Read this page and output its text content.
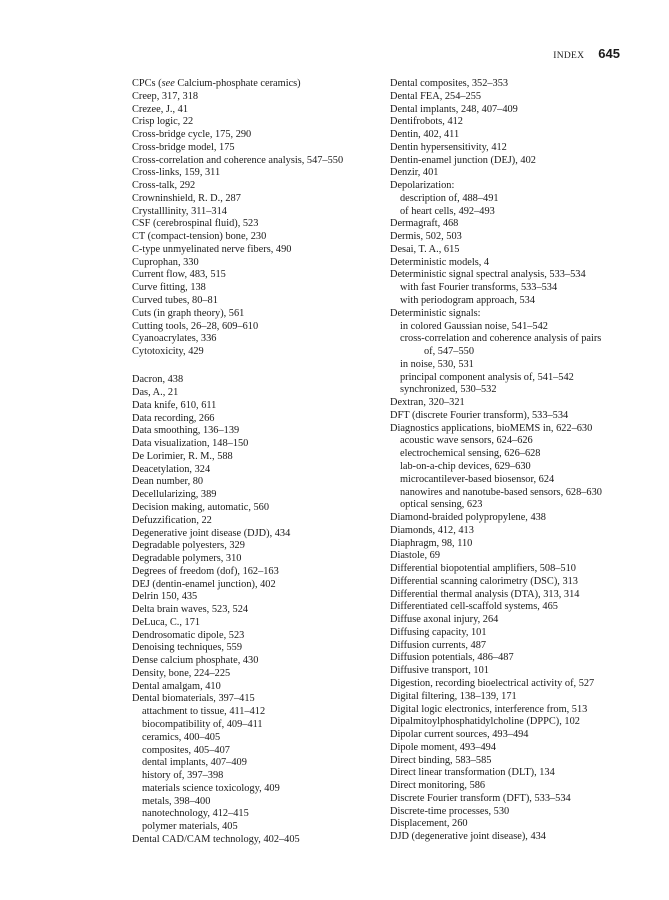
INDEX 645
CPCs (see Calcium-phosphate ceramics)
Creep, 317, 318
Crezee, J., 41
Crisp logic, 22
Cross-bridge cycle, 175, 290
Cross-bridge model, 175
Cross-correlation and coherence analysis, 547–550
Cross-links, 159, 311
Cross-talk, 292
Crowninshield, R. D., 287
Crystalllinity, 311–314
CSF (cerebrospinal fluid), 523
CT (compact-tension) bone, 230
C-type unmyelinated nerve fibers, 490
Cuprophan, 330
Current flow, 483, 515
Curve fitting, 138
Curved tubes, 80–81
Cuts (in graph theory), 561
Cutting tools, 26–28, 609–610
Cyanoacrylates, 336
Cytotoxicity, 429
Dacron, 438
Das, A., 21
Data knife, 610, 611
Data recording, 266
Data smoothing, 136–139
Data visualization, 148–150
De Lorimier, R. M., 588
Deacetylation, 324
Dean number, 80
Decellularizing, 389
Decision making, automatic, 560
Defuzzification, 22
Degenerative joint disease (DJD), 434
Degradable polyesters, 329
Degradable polymers, 310
Degrees of freedom (dof), 162–163
DEJ (dentin-enamel junction), 402
Delrin 150, 435
Delta brain waves, 523, 524
DeLuca, C., 171
Dendrosomatic dipole, 523
Denoising techniques, 559
Dense calcium phosphate, 430
Density, bone, 224–225
Dental amalgam, 410
Dental biomaterials, 397–415
attachment to tissue, 411–412
biocompatibility of, 409–411
ceramics, 400–405
composites, 405–407
dental implants, 407–409
history of, 397–398
materials science toxicology, 409
metals, 398–400
nanotechnology, 412–415
polymer materials, 405
Dental CAD/CAM technology, 402–405
Dental composites, 352–353
Dental FEA, 254–255
Dental implants, 248, 407–409
Dentifrobots, 412
Dentin, 402, 411
Dentin hypersensitivity, 412
Dentin-enamel junction (DEJ), 402
Denzir, 401
Depolarization:
description of, 488–491
of heart cells, 492–493
Dermagraft, 468
Dermis, 502, 503
Desai, T. A., 615
Deterministic models, 4
Deterministic signal spectral analysis, 533–534
with fast Fourier transforms, 533–534
with periodogram approach, 534
Deterministic signals:
in colored Gaussian noise, 541–542
cross-correlation and coherence analysis of pairs
of, 547–550
in noise, 530, 531
principal component analysis of, 541–542
synchronized, 530–532
Dextran, 320–321
DFT (discrete Fourier transform), 533–534
Diagnostics applications, bioMEMS in, 622–630
acoustic wave sensors, 624–626
electrochemical sensing, 626–628
lab-on-a-chip devices, 629–630
microcantilever-based biosensor, 624
nanowires and nanotube-based sensors, 628–630
optical sensing, 623
Diamond-braided polypropylene, 438
Diamonds, 412, 413
Diaphragm, 98, 110
Diastole, 69
Differential biopotential amplifiers, 508–510
Differential scanning calorimetry (DSC), 313
Differential thermal analysis (DTA), 313, 314
Differentiated cell-scaffold systems, 465
Diffuse axonal injury, 264
Diffusing capacity, 101
Diffusion currents, 487
Diffusion potentials, 486–487
Diffusive transport, 101
Digestion, recording bioelectrical activity of, 527
Digital filtering, 138–139, 171
Digital logic electronics, interference from, 513
Dipalmitoylphosphatidylcholine (DPPC), 102
Dipolar current sources, 493–494
Dipole moment, 493–494
Direct binding, 583–585
Direct linear transformation (DLT), 134
Direct monitoring, 586
Discrete Fourier transform (DFT), 533–534
Discrete-time processes, 530
Displacement, 260
DJD (degenerative joint disease), 434
